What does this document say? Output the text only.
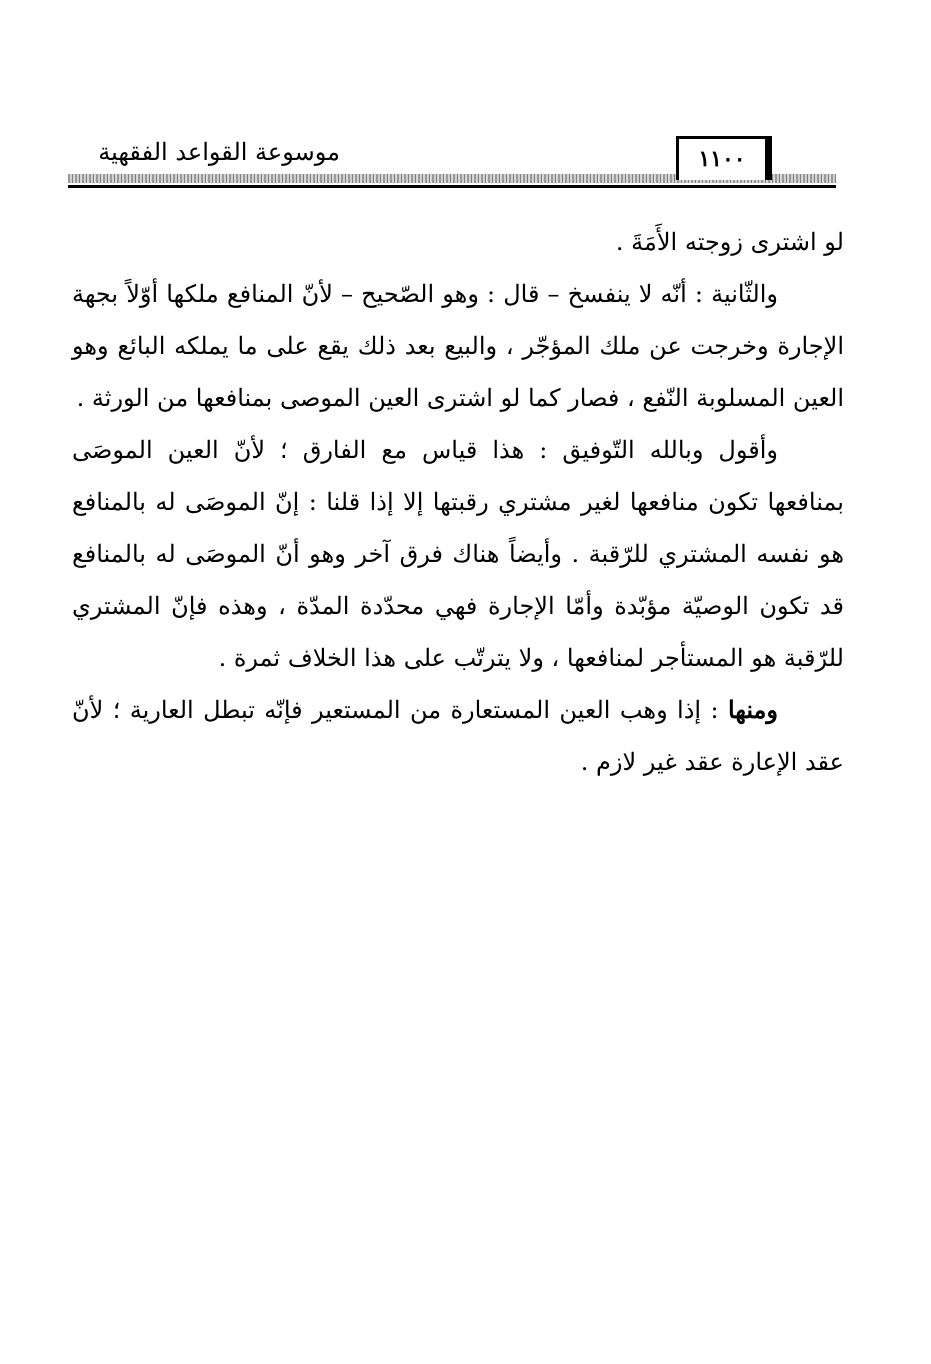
موسوعة القواعد الفقهية	١١٠٠

لو اشترى زوجته الأَمَةَ .

والثّانية : أنّه لا ينفسخ – قال : وهو الصّحيح – لأنّ المنافع ملكها أوّلاً بجهة الإجارة وخرجت عن ملك المؤجّر ، والبيع بعد ذلك يقع على ما يملكه البائع وهو العين المسلوبة النّفع ، فصار كما لو اشترى العين الموصى بمنافعها من الورثة .

وأقول وبالله التّوفيق : هذا قياس مع الفارق ؛ لأنّ العين الموصَى بمنافعها تكون منافعها لغير مشتري رقبتها إلا إذا قلنا : إنّ الموصَى له بالمنافع هو نفسه المشتري للرّقبة . وأيضاً هناك فرق آخر وهو أنّ الموصَى له بالمنافع قد تكون الوصيّة مؤبّدة وأمّا الإجارة فهي محدّدة المدّة ، وهذه فإنّ المشتري للرّقبة هو المستأجر لمنافعها ، ولا يترتّب على هذا الخلاف ثمرة .

ومنها : إذا وهب العين المستعارة من المستعير فإنّه تبطل العارية ؛ لأنّ عقد الإعارة عقد غير لازم .
